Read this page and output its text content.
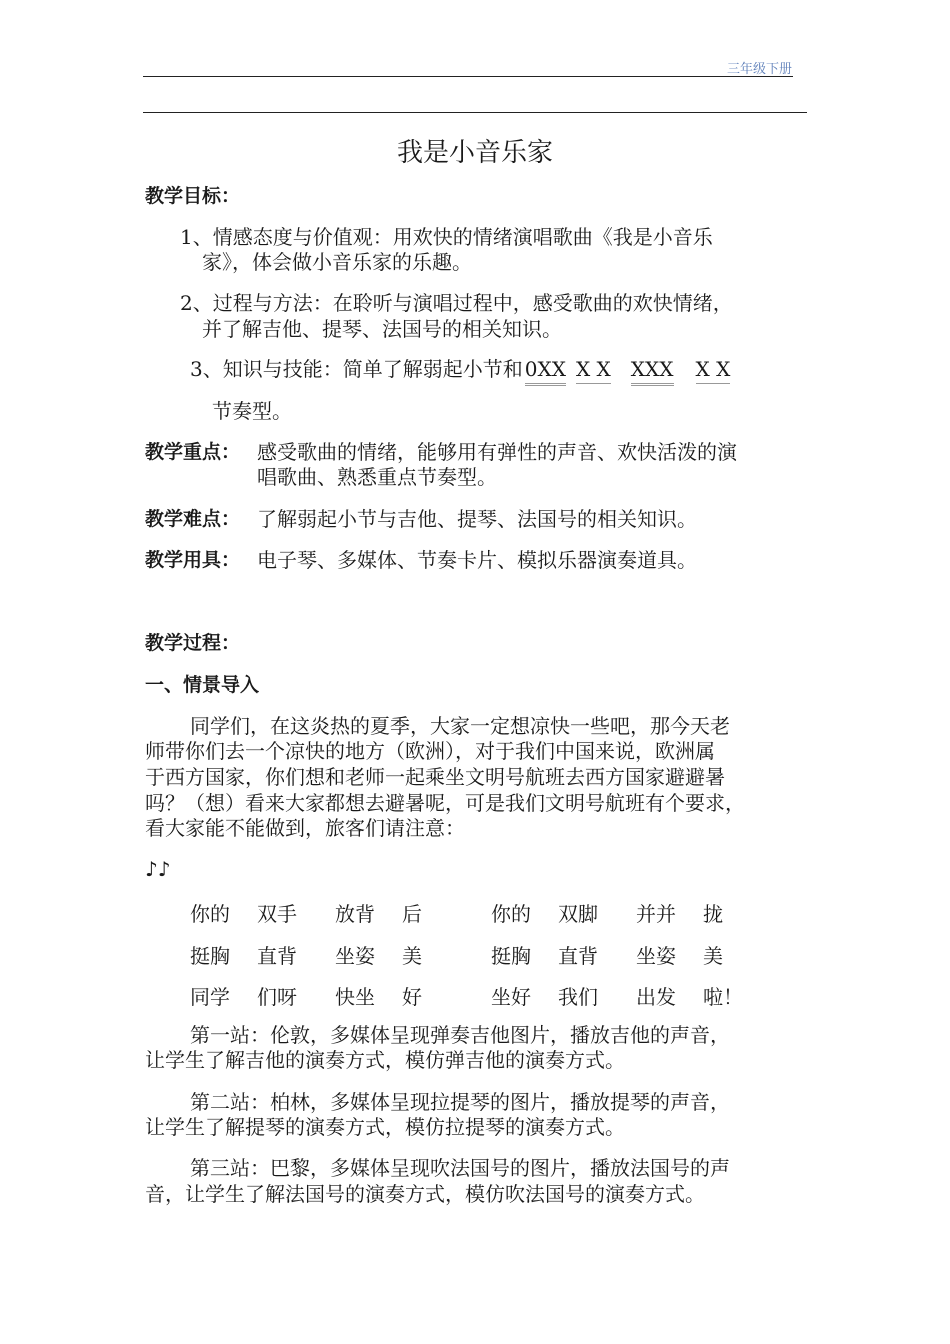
三年级下册
我是小音乐家
教学目标：
1、情感态度与价值观：用欢快的情绪演唱歌曲《我是小音乐
家》，体会做小音乐家的乐趣。
2、过程与方法：在聆听与演唱过程中，感受歌曲的欢快情绪，
并了解吉他、提琴、法国号的相关知识。
3、知识与技能：简单了解弱起小节和 0XX X X XXX X X
节奏型。
教学重点： 感受歌曲的情绪，能够用有弹性的声音、欢快活泼的演
唱歌曲、熟悉重点节奏型。
教学难点： 了解弱起小节与吉他、提琴、法国号的相关知识。
教学用具： 电子琴、多媒体、节奏卡片、模拟乐器演奏道具。
教学过程：
一、情景导入
同学们，在这炎热的夏季，大家一定想凉快一些吧，那今天老
师带你们去一个凉快的地方（欧洲），对于我们中国来说，欧洲属
于西方国家，你们想和老师一起乘坐文明号航班去西方国家避避暑
吗？（想）看来大家都想去避暑呢，可是我们文明号航班有个要求，
看大家能不能做到，旅客们请注意：
♪♪
你的 双手 放背 后	你的 双脚 并并 拢
挺胸 直背 坐姿 美	挺胸 直背 坐姿 美
同学 们呀 快坐 好	坐好 我们 出发 啦！
第一站：伦敦，多媒体呈现弹奏吉他图片，播放吉他的声音，
让学生了解吉他的演奏方式，模仿弹吉他的演奏方式。
第二站：柏林，多媒体呈现拉提琴的图片，播放提琴的声音，
让学生了解提琴的演奏方式，模仿拉提琴的演奏方式。
第三站：巴黎，多媒体呈现吹法国号的图片，播放法国号的声
音，让学生了解法国号的演奏方式，模仿吹法国号的演奏方式。
